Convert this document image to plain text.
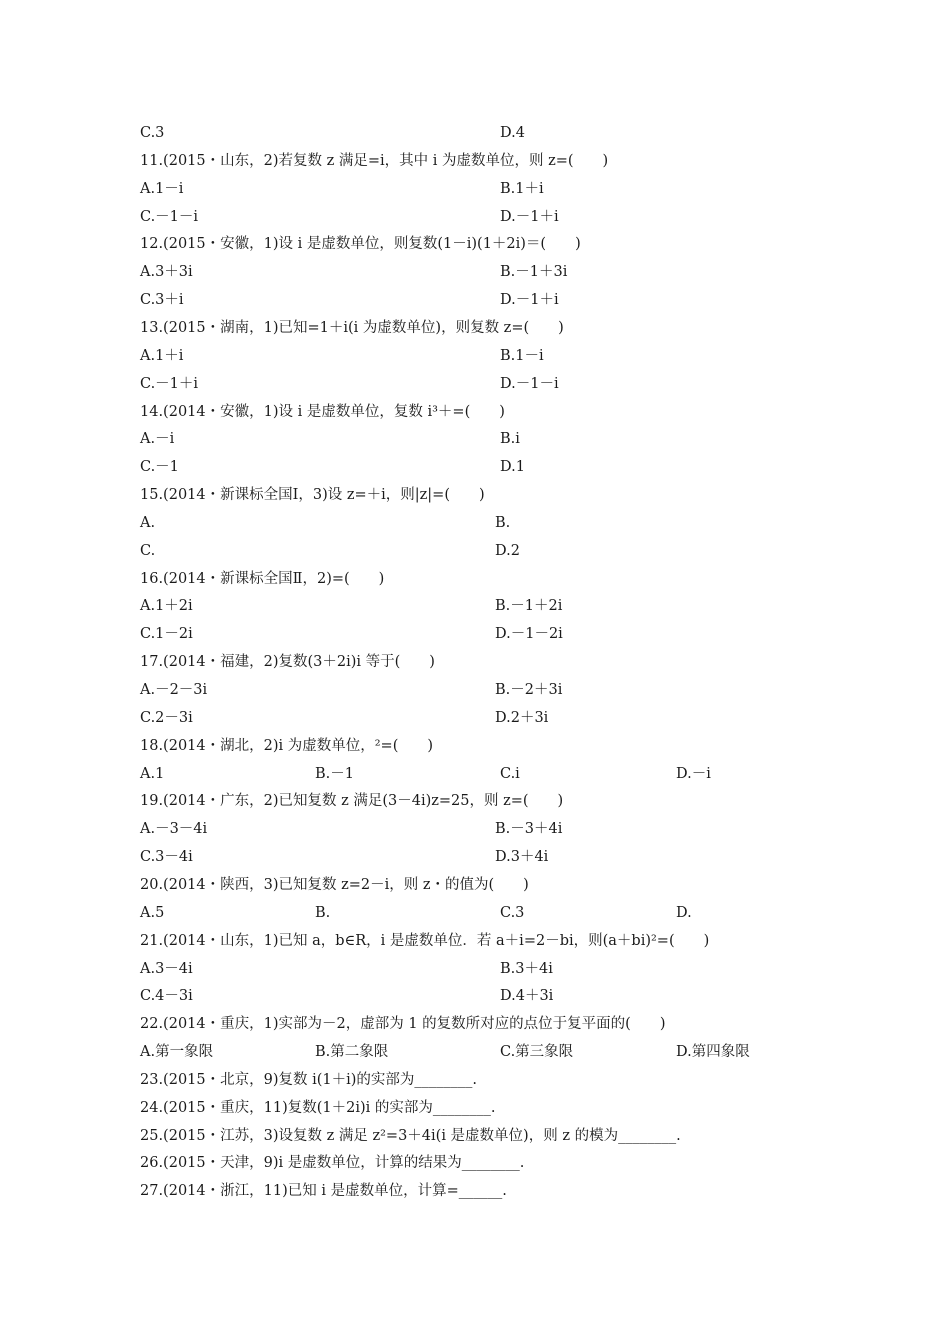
C.3	D.4
11.(2015・山东，2)若复数 z 满足=i，其中 i 为虚数单位，则 z=(　　)
A.1－i	B.1＋i
C.－1－i	D.－1＋i
12.(2015・安徽，1)设 i 是虚数单位，则复数(1－i)(1＋2i)＝(　　)
A.3＋3i	B.－1＋3i
C.3＋i	D.－1＋i
13.(2015・湖南，1)已知=1＋i(i 为虚数单位)，则复数 z=(　　)
A.1＋i	B.1－i
C.－1＋i	D.－1－i
14.(2014・安徽，1)设 i 是虚数单位，复数 i³＋=(　　)
A.－i	B.i
C.－1	D.1
15.(2014・新课标全国Ⅰ，3)设 z=＋i，则|z|=(　　)
A.	B.
C.	D.2
16.(2014・新课标全国Ⅱ，2)=(　　)
A.1＋2i	B.－1＋2i
C.1－2i	D.－1－2i
17.(2014・福建，2)复数(3＋2i)i 等于(　　)
A.－2－3i	B.－2＋3i
C.2－3i	D.2＋3i
18.(2014・湖北，2)i 为虚数单位，²=(　　)
A.1	B.－1	C.i	D.－i
19.(2014・广东，2)已知复数 z 满足(3－4i)z=25，则 z=(　　)
A.－3－4i	B.－3＋4i
C.3－4i	D.3＋4i
20.(2014・陕西，3)已知复数 z=2－i，则 z・的值为(　　)
A.5	B.	C.3	D.
21.(2014・山东，1)已知 a，b∈R，i 是虚数单位．若 a＋i=2－bi，则(a＋bi)²=(　　)
A.3－4i	B.3＋4i
C.4－3i	D.4＋3i
22.(2014・重庆，1)实部为－2，虚部为 1 的复数所对应的点位于复平面的(　　)
A.第一象限	B.第二象限	C.第三象限	D.第四象限
23.(2015・北京，9)复数 i(1＋i)的实部为________.
24.(2015・重庆，11)复数(1＋2i)i 的实部为________.
25.(2015・江苏，3)设复数 z 满足 z²=3＋4i(i 是虚数单位)，则 z 的模为________.
26.(2015・天津，9)i 是虚数单位，计算的结果为________.
27.(2014・浙江，11)已知 i 是虚数单位，计算=______.
